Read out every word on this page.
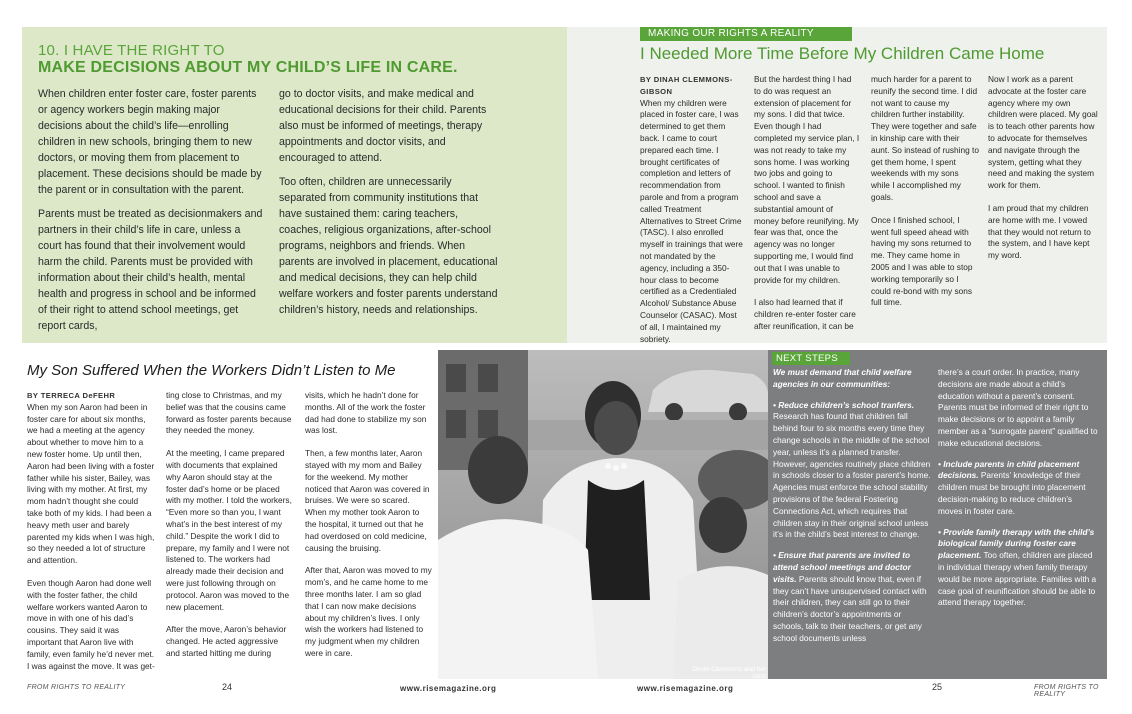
10. I HAVE THE RIGHT TO
MAKE DECISIONS ABOUT MY CHILD’S LIFE IN CARE.

When children enter foster care, foster parents or agency workers begin making major decisions about the child’s life—enrolling children in new schools, bringing them to new doctors, or moving them from placement to placement. These decisions should be made by the parent or in consultation with the parent.

Parents must be treated as decisionmakers and partners in their child’s life in care, unless a court has found that their involvement would harm the child. Parents must be provided with information about their child’s health, mental health and progress in school and be informed of their right to attend school meetings, get report cards,

go to doctor visits, and make medical and educational decisions for their child. Parents also must be informed of meetings, therapy appointments and doctor visits, and encouraged to attend.

Too often, children are unnecessarily separated from community institutions that have sustained them: caring teachers, coaches, religious organizations, after-school programs, neighbors and friends. When parents are involved in placement, educational and medical decisions, they can help child welfare workers and foster parents understand children’s history, needs and relationships.

MAKING OUR RIGHTS A REALITY
I Needed More Time Before My Children Came Home
BY DINAH CLEMMONS-GIBSON

When my children were placed in foster care, I was determined to get them back. I came to court prepared each time. I brought certificates of completion and letters of recommendation from parole and from a program called Treatment Alternatives to Street Crime (TASC). I also enrolled myself in trainings that were not mandated by the agency, including a 350-hour class to become certified as a Credentialed Alcohol/ Substance Abuse Counselor (CASAC). Most of all, I maintained my sobriety.

But the hardest thing I had to do was request an extension of placement for my sons. I did that twice. Even though I had completed my service plan, I was not ready to take my sons home. I was working two jobs and going to school. I wanted to finish school and save a substantial amount of money before reunifying. My fear was that, once the agency was no longer supporting me, I would find out that I was unable to provide for my children.

I also had learned that if children re-enter foster care after reunification, it can be

much harder for a parent to reunify the second time. I did not want to cause my children further instability. They were together and safe in kinship care with their aunt. So instead of rushing to get them home, I spent weekends with my sons while I accomplished my goals.

Once I finished school, I went full speed ahead with having my sons returned to me. They came home in 2005 and I was able to stop working temporarily so I could re-bond with my sons full time.

Now I work as a parent advocate at the foster care agency where my own children were placed. My goal is to teach other parents how to advocate for themselves and navigate through the system, getting what they need and making the system work for them.

I am proud that my children are home with me. I vowed that they would not return to the system, and I have kept my word.

My Son Suffered When the Workers Didn’t Listen to Me
BY TERRECA DeFEHR

When my son Aaron had been in foster care for about six months, we had a meeting at the agency about whether to move him to a new foster home. Up until then, Aaron had been living with a foster father while his sister, Bailey, was living with my mother. At first, my mom hadn’t thought she could take both of my kids. I had been a heavy meth user and barely parented my kids when I was high, so they needed a lot of structure and attention.

Even though Aaron had done well with the foster father, the child welfare workers wanted Aaron to move in with one of his dad’s cousins. They said it was important that Aaron live with family, even family he’d never met. I was against the move. It was get-

ting close to Christmas, and my belief was that the cousins came forward as foster parents because they needed the money.

At the meeting, I came prepared with documents that explained why Aaron should stay at the foster dad’s home or be placed with my mother. I told the workers, “Even more so than you, I want what’s in the best interest of my child.” Despite the work I did to prepare, my family and I were not listened to. The workers had already made their decision and were just following through on protocol. Aaron was moved to the new placement.

After the move, Aaron’s behavior changed. He acted aggressive and started hitting me during

visits, which he hadn’t done for months. All of the work the foster dad had done to stabilize my son was lost.

Then, a few months later, Aaron stayed with my mom and Bailey for the weekend. My mother noticed that Aaron was covered in bruises. We were so scared. When my mother took Aaron to the hospital, it turned out that he had overdosed on cold medicine, causing the bruising.

After that, Aaron was moved to my mom’s, and he came home to me three months later. I am so glad that I can now make decisions about my children’s lives. I only wish the workers had listened to my judgment when my children were in care.

Dinah Clemmons and her sons
NEXT STEPS

We must demand that child welfare agencies in our communities:

• Reduce children’s school tranfers. Research has found that children fall behind four to six months every time they change schools in the middle of the school year, unless it’s a planned transfer. However, agencies routinely place children in schools closer to a foster parent’s home. Agencies must enforce the school stability provisions of the federal Fostering Connections Act, which requires that children stay in their original school unless it’s in the child’s best interest to change.

• Ensure that parents are invited to attend school meetings and doctor visits. Parents should know that, even if they can’t have unsupervised contact with their children, they can still go to their children’s doctor’s appointments or schools, talk to their teachers, or get any school documents unless

there’s a court order. In practice, many decisions are made about a child’s education without a parent’s consent. Parents must be informed of their right to make decisions or to appoint a family member as a “surrogate parent” qualified to make educational decisions.

• Include parents in child placement decisions. Parents’ knowledge of their children must be brought into placement decision-making to reduce children’s moves in foster care.

• Provide family therapy with the child’s biological family during foster care placement. Too often, children are placed in individual therapy when family therapy would be more appropriate. Families with a case goal of reunification should be able to attend therapy together.

FROM RIGHTS TO REALITY	24	www.risemagazine.org	www.risemagazine.org	25	FROM RIGHTS TO REALITY
